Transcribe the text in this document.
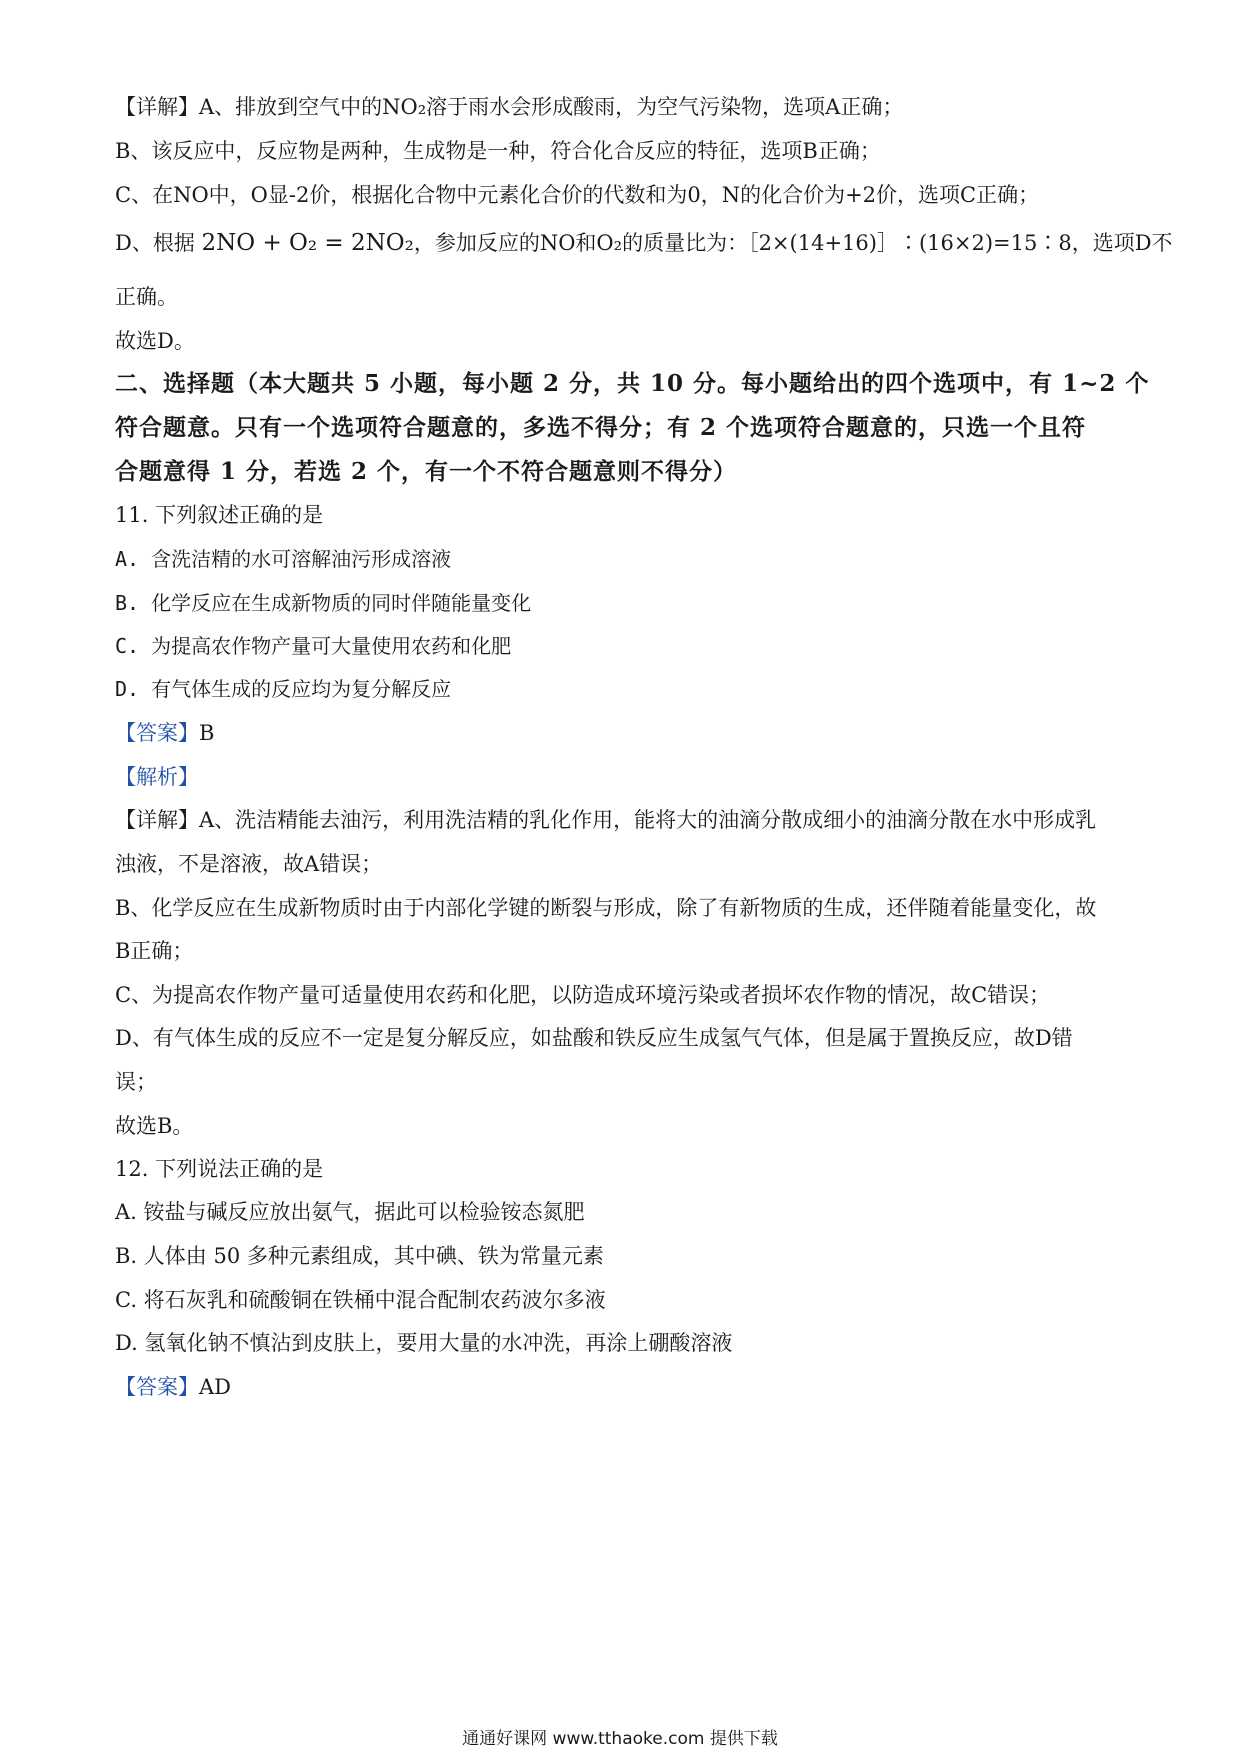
【详解】A、排放到空气中的NO₂溶于雨水会形成酸雨，为空气污染物，选项A正确；
B、该反应中，反应物是两种，生成物是一种，符合化合反应的特征，选项B正确；
C、在NO中，O显-2价，根据化合物中元素化合价的代数和为0，N的化合价为+2价，选项C正确；
D、根据 2NO + O₂ = 2NO₂，参加反应的NO和O₂的质量比为：［2×(14+16)］∶(16×2)=15∶8，选项D不
正确。
故选D。
二、选择题（本大题共 5 小题，每小题 2 分，共 10 分。每小题给出的四个选项中，有 1~2 个
符合题意。只有一个选项符合题意的，多选不得分；有 2 个选项符合题意的，只选一个且符
合题意得 1 分，若选 2 个，有一个不符合题意则不得分）
11. 下列叙述正确的是
A. 含洗洁精的水可溶解油污形成溶液
B. 化学反应在生成新物质的同时伴随能量变化
C. 为提高农作物产量可大量使用农药和化肥
D. 有气体生成的反应均为复分解反应
【答案】B
【解析】
【详解】A、洗洁精能去油污，利用洗洁精的乳化作用，能将大的油滴分散成细小的油滴分散在水中形成乳
浊液，不是溶液，故A错误；
B、化学反应在生成新物质时由于内部化学键的断裂与形成，除了有新物质的生成，还伴随着能量变化，故
B正确；
C、为提高农作物产量可适量使用农药和化肥，以防造成环境污染或者损坏农作物的情况，故C错误；
D、有气体生成的反应不一定是复分解反应，如盐酸和铁反应生成氢气气体，但是属于置换反应，故D错
误；
故选B。
12. 下列说法正确的是
A. 铵盐与碱反应放出氨气，据此可以检验铵态氮肥
B. 人体由 50 多种元素组成，其中碘、铁为常量元素
C. 将石灰乳和硫酸铜在铁桶中混合配制农药波尔多液
D. 氢氧化钠不慎沾到皮肤上，要用大量的水冲洗，再涂上硼酸溶液
【答案】AD
通通好课网 www.tthaoke.com 提供下载
